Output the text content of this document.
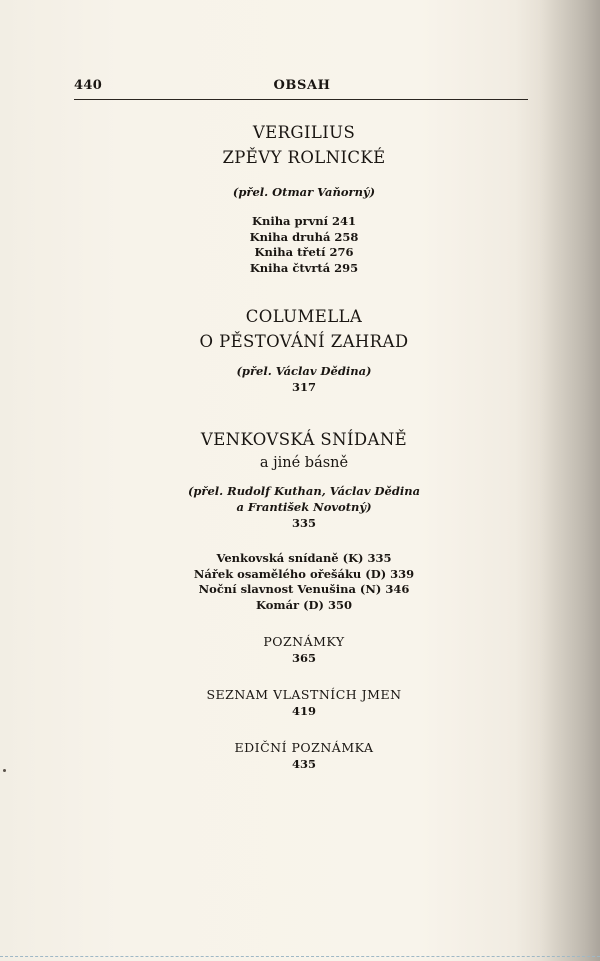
440	OBSAH
VERGILIUS
ZPĚVY ROLNICKÉ
(přel. Otmar Vaňorný)
Kniha první 241
Kniha druhá 258
Kniha třetí 276
Kniha čtvrtá 295
COLUMELLA
O PĚSTOVÁNÍ ZAHRAD
(přel. Václav Dědina)
317
VENKOVSKÁ SNÍDANĚ
a jiné básně
(přel. Rudolf Kuthan, Václav Dědina
a František Novotný)
335
Venkovská snídaně (K) 335
Nářek osamělého ořešáku (D) 339
Noční slavnost Venušina (N) 346
Komár (D) 350
POZNÁMKY
365
SEZNAM VLASTNÍCH JMEN
419
EDIČNÍ POZNÁMKA
435
